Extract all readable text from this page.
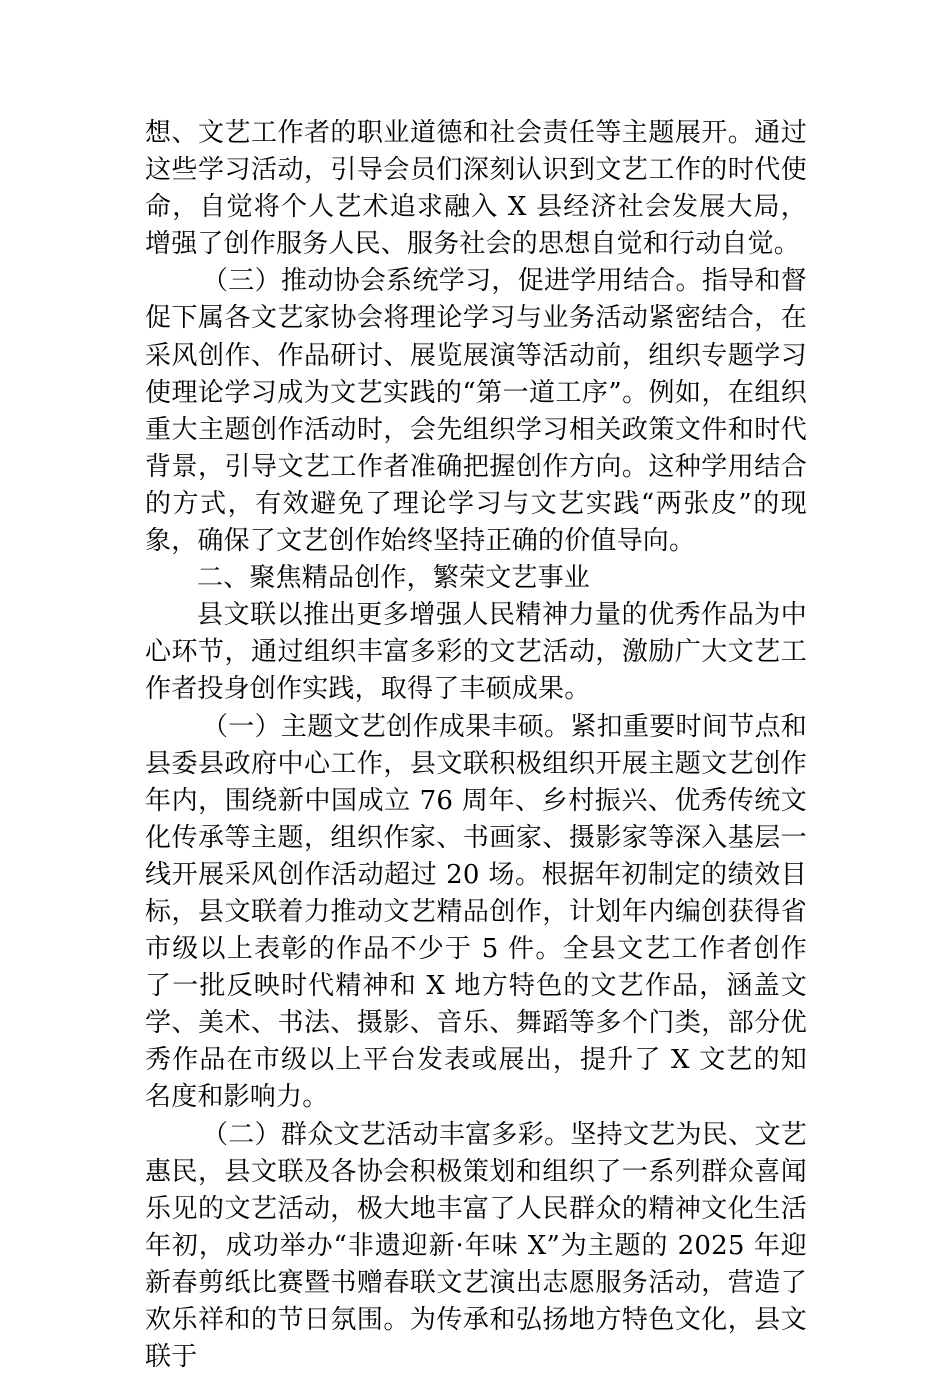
想、文艺工作者的职业道德和社会责任等主题展开。通过这些学习活动，引导会员们深刻认识到文艺工作的时代使命，自觉将个人艺术追求融入 X 县经济社会发展大局，增强了创作服务人民、服务社会的思想自觉和行动自觉。

（三）推动协会系统学习，促进学用结合。指导和督促下属各文艺家协会将理论学习与业务活动紧密结合，在采风创作、作品研讨、展览展演等活动前，组织专题学习使理论学习成为文艺实践的“第一道工序”。例如，在组织重大主题创作活动时，会先组织学习相关政策文件和时代背景，引导文艺工作者准确把握创作方向。这种学用结合的方式，有效避免了理论学习与文艺实践“两张皮”的现象，确保了文艺创作始终坚持正确的价值导向。

二、聚焦精品创作，繁荣文艺事业

县文联以推出更多增强人民精神力量的优秀作品为中心环节，通过组织丰富多彩的文艺活动，激励广大文艺工作者投身创作实践，取得了丰硕成果。

（一）主题文艺创作成果丰硕。紧扣重要时间节点和县委县政府中心工作，县文联积极组织开展主题文艺创作年内，围绕新中国成立 76 周年、乡村振兴、优秀传统文化传承等主题，组织作家、书画家、摄影家等深入基层一线开展采风创作活动超过 20 场。根据年初制定的绩效目标，县文联着力推动文艺精品创作，计划年内编创获得省市级以上表彰的作品不少于 5 件。全县文艺工作者创作了一批反映时代精神和 X 地方特色的文艺作品，涵盖文学、美术、书法、摄影、音乐、舞蹈等多个门类，部分优秀作品在市级以上平台发表或展出，提升了 X 文艺的知名度和影响力。

（二）群众文艺活动丰富多彩。坚持文艺为民、文艺惠民，县文联及各协会积极策划和组织了一系列群众喜闻乐见的文艺活动，极大地丰富了人民群众的精神文化生活年初，成功举办“非遗迎新·年味 X”为主题的 2025 年迎新春剪纸比赛暨书赠春联文艺演出志愿服务活动，营造了欢乐祥和的节日氛围。为传承和弘扬地方特色文化，县文联于
